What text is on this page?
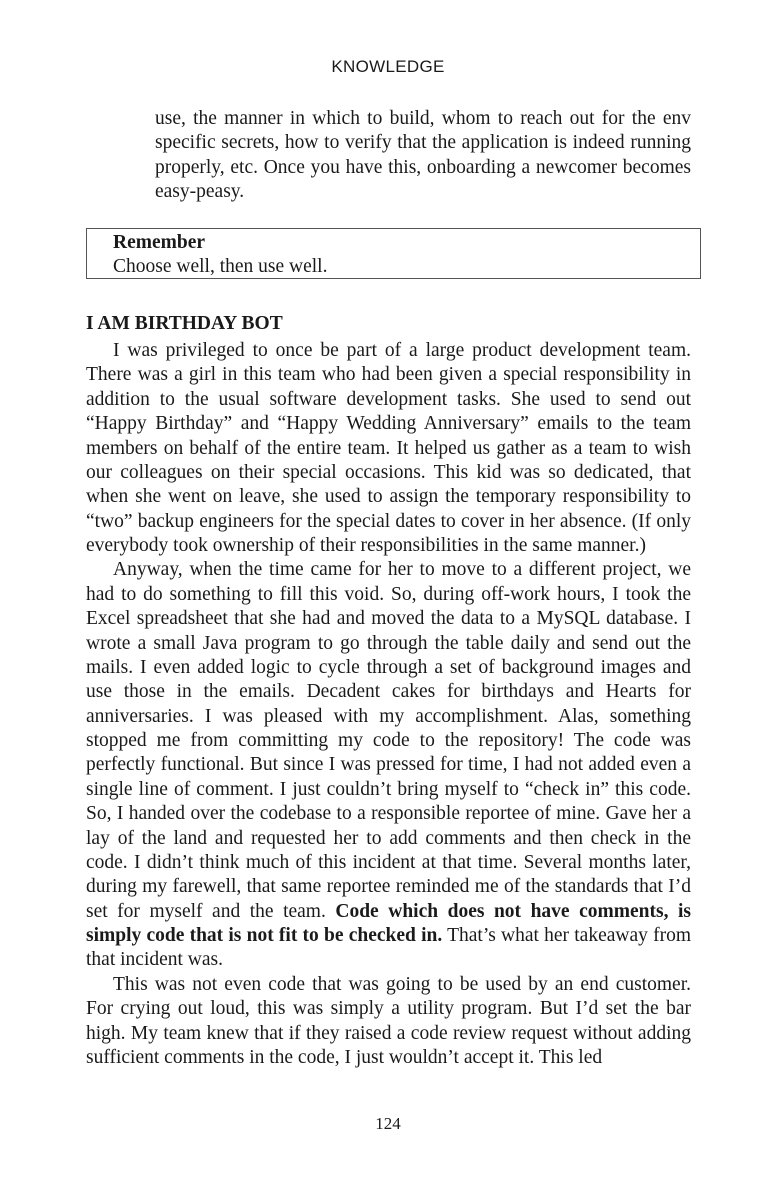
KNOWLEDGE

use, the manner in which to build, whom to reach out for the env specific secrets, how to verify that the application is indeed running properly, etc. Once you have this, onboarding a newcomer becomes easy-peasy.

Remember
Choose well, then use well.
I AM BIRTHDAY BOT

I was privileged to once be part of a large product development team. There was a girl in this team who had been given a special responsibility in addition to the usual software development tasks. She used to send out “Happy Birthday” and “Happy Wedding Anniversary” emails to the team members on behalf of the entire team. It helped us gather as a team to wish our colleagues on their special occasions. This kid was so dedicated, that when she went on leave, she used to assign the temporary responsibility to “two” backup engineers for the special dates to cover in her absence. (If only everybody took ownership of their responsibilities in the same manner.)

Anyway, when the time came for her to move to a different project, we had to do something to fill this void. So, during off-work hours, I took the Excel spreadsheet that she had and moved the data to a MySQL database. I wrote a small Java program to go through the table daily and send out the mails. I even added logic to cycle through a set of background images and use those in the emails. Decadent cakes for birthdays and Hearts for anniversaries. I was pleased with my accomplishment. Alas, something stopped me from committing my code to the repository! The code was perfectly functional. But since I was pressed for time, I had not added even a single line of comment. I just couldn’t bring myself to “check in” this code. So, I handed over the codebase to a responsible reportee of mine. Gave her a lay of the land and requested her to add comments and then check in the code. I didn’t think much of this incident at that time. Several months later, during my farewell, that same reportee reminded me of the standards that I’d set for myself and the team. Code which does not have comments, is simply code that is not fit to be checked in. That’s what her takeaway from that incident was.

This was not even code that was going to be used by an end customer. For crying out loud, this was simply a utility program. But I’d set the bar high. My team knew that if they raised a code review request without adding sufficient comments in the code, I just wouldn’t accept it. This led

124
